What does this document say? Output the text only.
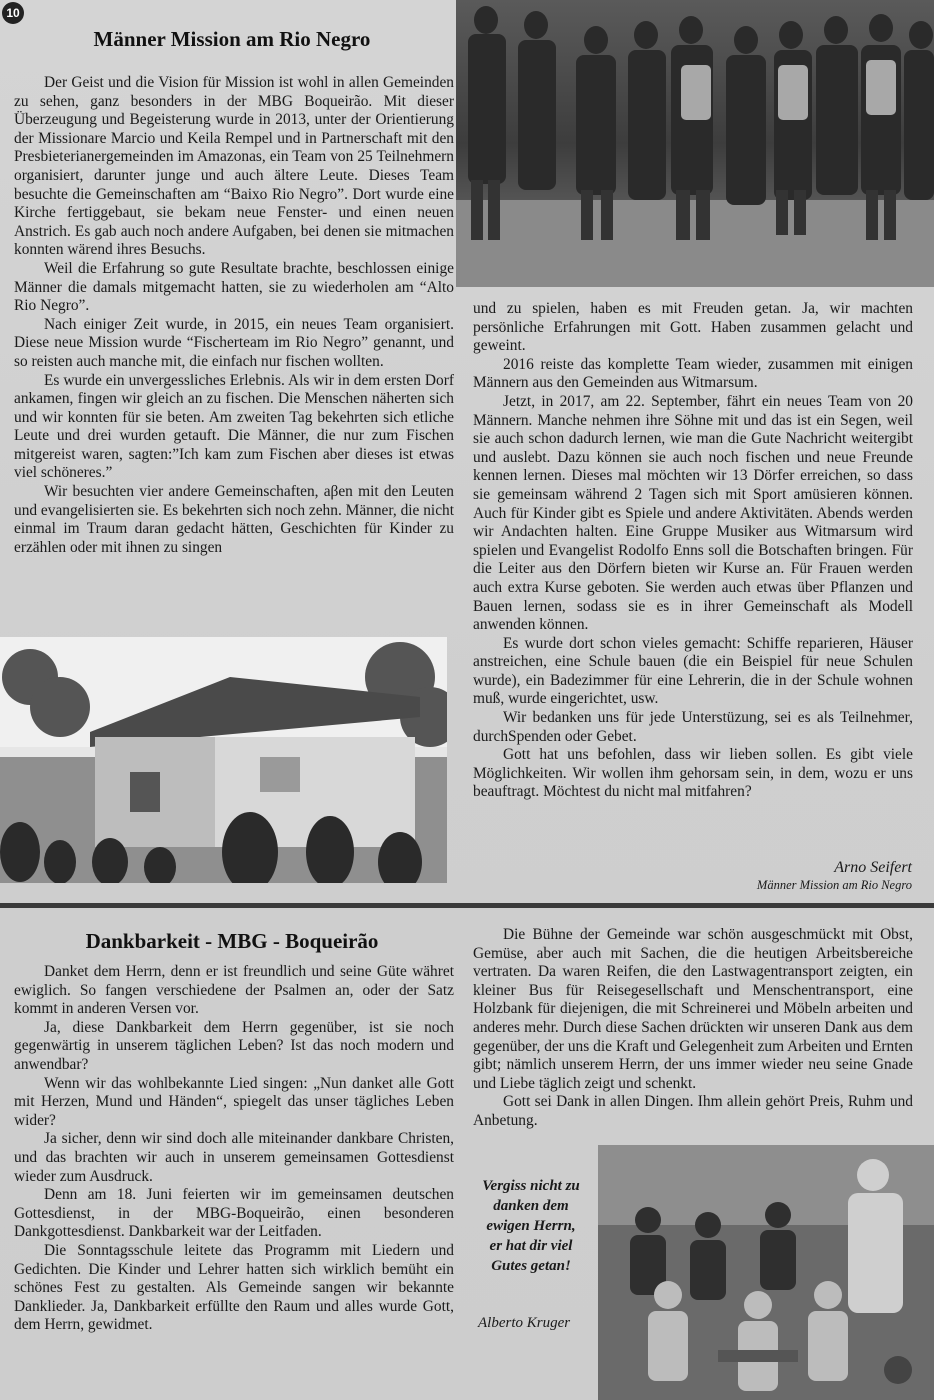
10
Männer Mission am Rio Negro

Der Geist und die Vision für Mission ist wohl in allen Gemeinden zu sehen, ganz besonders in der MBG Boqueirão. Mit dieser Überzeugung und Begeisterung wurde in 2013, unter der Orientierung der Missionare Marcio und Keila Rempel und in Partnerschaft mit den Presbieterianergemeinden im Amazonas, ein Team von 25 Teilnehmern organisiert, darunter junge und auch ältere Leute. Dieses Team besuchte die Gemeinschaften am “Baixo Rio Negro”. Dort wurde eine Kirche fertiggebaut, sie bekam neue Fenster- und einen neuen Anstrich. Es gab auch noch andere Aufgaben, bei denen sie mitmachen konnten wärend ihres Besuchs.

Weil die Erfahrung so gute Resultate brachte, beschlossen einige Männer die damals mitgemacht hatten, sie zu wiederholen am “Alto Rio Negro”.

Nach einiger Zeit wurde, in 2015, ein neues Team organisiert. Diese neue Mission wurde “Fischerteam im Rio Negro” genannt, und so reisten auch manche mit, die einfach nur fischen wollten.

Es wurde ein unvergessliches Erlebnis. Als wir in dem ersten Dorf ankamen, fingen wir gleich an zu fischen. Die Menschen näherten sich und wir konnten für sie beten. Am zweiten Tag bekehrten sich etliche Leute und drei wurden getauft. Die Männer, die nur zum Fischen mitgereist waren, sagten:”Ich kam zum Fischen aber dieses ist etwas viel schöneres.”

Wir besuchten vier andere Gemeinschaften, aβen mit den Leuten und evangelisierten sie. Es bekehrten sich noch zehn. Männer, die nicht einmal im Traum daran gedacht hätten, Geschichten für Kinder zu erzählen oder mit ihnen zu singen

und zu spielen, haben es mit Freuden getan. Ja, wir machten persönliche Erfahrungen mit Gott. Haben zusammen gelacht und geweint.

2016 reiste das komplette Team wieder, zusammen mit einigen Männern aus den Gemeinden aus Witmarsum.

Jetzt, in 2017, am 22. September, fährt ein neues Team von 20 Männern. Manche nehmen ihre Söhne mit und das ist ein Segen, weil sie auch schon dadurch lernen, wie man die Gute Nachricht weitergibt und auslebt. Dazu können sie auch noch fischen und neue Freunde kennen lernen. Dieses mal möchten wir 13 Dörfer erreichen, so dass sie gemeinsam während 2 Tagen sich mit Sport amüsieren können. Auch für Kinder gibt es Spiele und andere Aktivitäten. Abends werden wir Andachten halten. Eine Gruppe Musiker aus Witmarsum wird spielen und Evangelist Rodolfo Enns soll die Botschaften bringen. Für die Leiter aus den Dörfern bieten wir Kurse an. Für Frauen werden auch extra Kurse geboten. Sie werden auch etwas über Pflanzen und Bauen lernen, sodass sie es in ihrer Gemeinschaft als Modell anwenden können.

Es wurde dort schon vieles gemacht: Schiffe reparieren, Häuser anstreichen, eine Schule bauen (die ein Beispiel für neue Schulen wurde), ein Badezimmer für eine Lehrerin, die in der Schule wohnen muß, wurde eingerichtet, usw.

Wir bedanken uns für jede Unterstüzung, sei es als Teilnehmer, durchSpenden oder Gebet.

Gott hat uns befohlen, dass wir lieben sollen. Es gibt viele Möglichkeiten. Wir wollen ihm gehorsam sein, in dem, wozu er uns beauftragt. Möchtest du nicht mal mitfahren?

Arno Seifert
Männer Mission am Rio Negro
Dankbarkeit - MBG - Boqueirão

Danket dem Herrn, denn er ist freundlich und seine Güte währet ewiglich. So fangen verschiedene der Psalmen an, oder der Satz kommt in anderen Versen vor.

Ja, diese Dankbarkeit dem Herrn gegenüber, ist sie noch gegenwärtig in unserem täglichen Leben? Ist das noch modern und anwendbar?

Wenn wir das wohlbekannte Lied singen: „Nun danket alle Gott mit Herzen, Mund und Händen“, spiegelt das unser tägliches Leben wider?

Ja sicher, denn wir sind doch alle miteinander dankbare Christen, und das brachten wir auch in unserem gemeinsamen Gottesdienst wieder zum Ausdruck.

Denn am 18. Juni feierten wir im gemeinsamen deutschen Gottesdienst, in der MBG-Boqueirão, einen besonderen Dankgottesdienst. Dankbarkeit war der Leitfaden.

Die Sonntagsschule leitete das Programm mit Liedern und Gedichten. Die Kinder und Lehrer hatten sich wirklich bemüht ein schönes Fest zu gestalten. Als Gemeinde sangen wir bekannte Danklieder. Ja, Dankbarkeit erfüllte den Raum und alles wurde Gott, dem Herrn, gewidmet.

Die Bühne der Gemeinde war schön ausgeschmückt mit Obst, Gemüse, aber auch mit Sachen, die die heutigen Arbeitsbereiche vertraten. Da waren Reifen, die den Lastwagentransport zeigten, ein kleiner Bus für Reisegesellschaft und Menschentransport, eine Holzbank für diejenigen, die mit Schreinerei und Möbeln arbeiten und anderes mehr. Durch diese Sachen drückten wir unseren Dank aus dem gegenüber, der uns die Kraft und Gelegenheit zum Arbeiten und Ernten gibt; nämlich unserem Herrn, der uns immer wieder neu seine Gnade und Liebe täglich zeigt und schenkt.

Gott sei Dank in allen Dingen. Ihm allein gehört Preis, Ruhm und Anbetung.

Vergiss nicht zu
danken dem
ewigen Herrn,
er hat dir viel
Gutes getan!
Alberto Kruger
